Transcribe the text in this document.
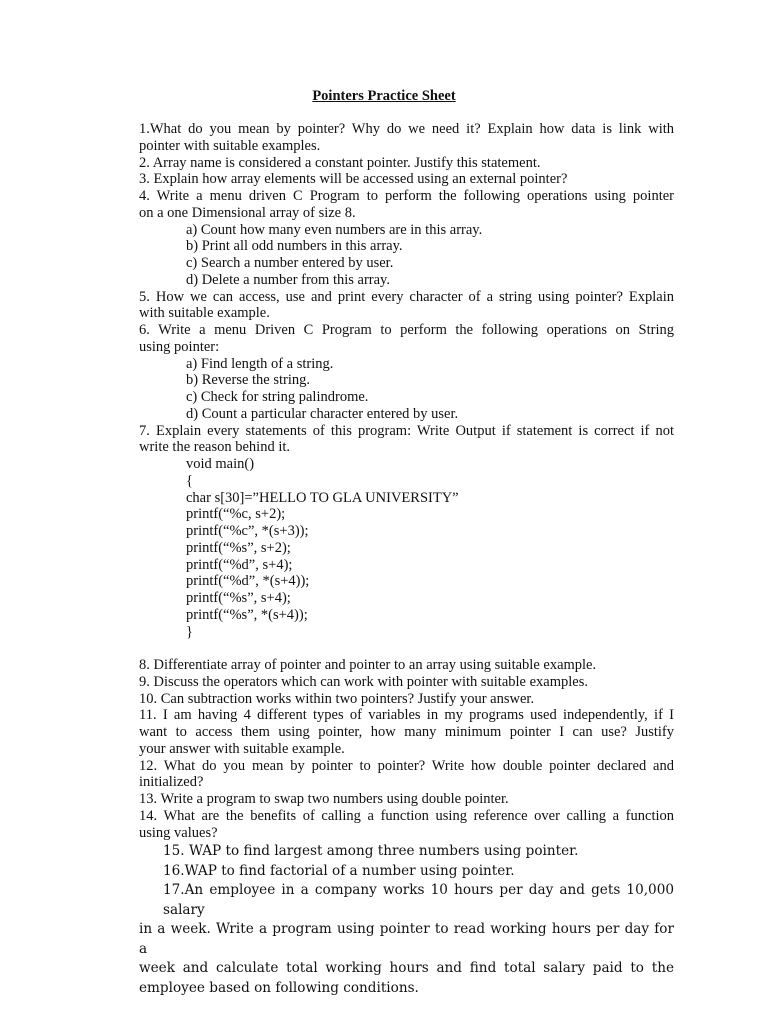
Pointers Practice Sheet
1.What do you mean by pointer? Why do we need it? Explain how data is link with
pointer with suitable examples.
2. Array name is considered a constant pointer. Justify this statement.
3. Explain how array elements will be accessed using an external pointer?
4. Write a menu driven C Program to perform the following operations using pointer
on a one Dimensional array of size 8.
a) Count how many even numbers are in this array.
b) Print all odd numbers in this array.
c) Search a number entered by user.
d) Delete a number from this array.
5. How we can access, use and print every character of a string using pointer? Explain
with suitable example.
6. Write a menu Driven C Program to perform the following operations on String
using pointer:
a) Find length of a string.
b) Reverse the string.
c) Check for string palindrome.
d) Count a particular character entered by user.
7. Explain every statements of this program: Write Output if statement is correct if not
write the reason behind it.
void main()
{
char s[30]=”HELLO TO GLA UNIVERSITY”
printf(“%c, s+2);
printf(“%c”, *(s+3));
printf(“%s”, s+2);
printf(“%d”, s+4);
printf(“%d”, *(s+4));
printf(“%s”, s+4);
printf(“%s”, *(s+4));
}
8. Differentiate array of pointer and pointer to an array using suitable example.
9. Discuss the operators which can work with pointer with suitable examples.
10. Can subtraction works within two pointers? Justify your answer.
11. I am having 4 different types of variables in my programs used independently, if I
want to access them using pointer, how many minimum pointer I can use? Justify
your answer with suitable example.
12. What do you mean by pointer to pointer? Write how double pointer declared and
initialized?
13. Write a program to swap two numbers using double pointer.
14. What are the benefits of calling a function using reference over calling a function
using values?
15. WAP to find largest among three numbers using pointer.
16.WAP to find factorial of a number using pointer.
17.An employee in a company works 10 hours per day and gets 10,000 salary
in a week. Write a program using pointer to read working hours per day for a
week and calculate total working hours and find total salary paid to the
employee based on following conditions.
